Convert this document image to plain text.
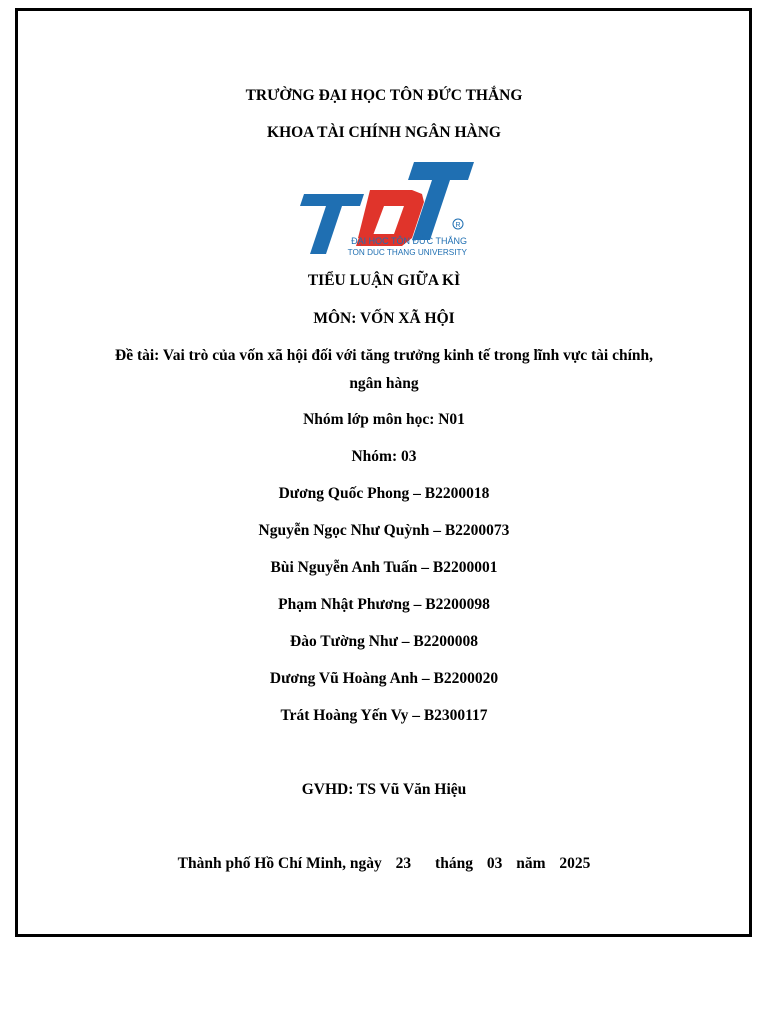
TRƯỜNG ĐẠI HỌC TÔN ĐỨC THẮNG
KHOA TÀI CHÍNH NGÂN HÀNG
R
ĐẠI HỌC TÔN ĐỨC THẮNG
TON DUC THANG UNIVERSITY
TIỂU LUẬN GIỮA KÌ
MÔN: VỐN XÃ HỘI
Đề tài: Vai trò của vốn xã hội đối với tăng trưởng kinh tế trong lĩnh vực tài chính,
ngân hàng
Nhóm lớp môn học: N01
Nhóm: 03
Dương Quốc Phong – B2200018
Nguyễn Ngọc Như Quỳnh – B2200073
Bùi Nguyễn Anh Tuấn – B2200001
Phạm Nhật Phương – B2200098
Đào Tường Như – B2200008
Dương Vũ Hoàng Anh – B2200020
Trát Hoàng Yến Vy – B2300117
GVHD: TS Vũ Văn Hiệu
Thành phố Hồ Chí Minh, ngày 23 tháng 03 năm 2025
